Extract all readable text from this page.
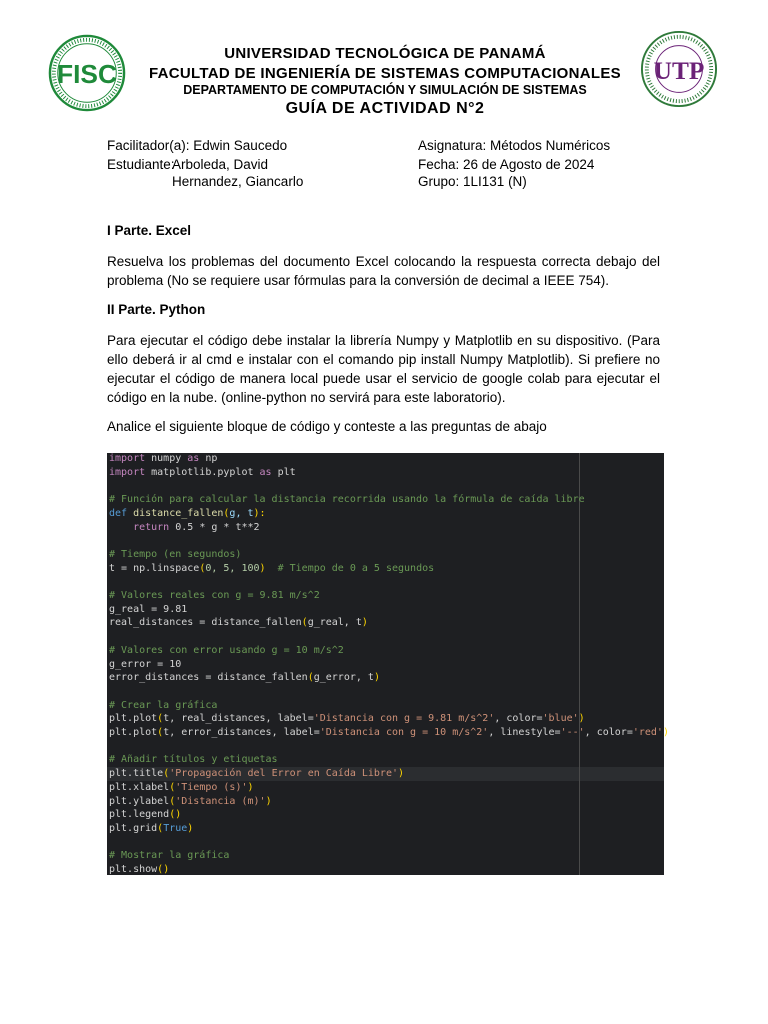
FISC	UTP
UNIVERSIDAD TECNOLÓGICA DE PANAMÁ
FACULTAD DE INGENIERÍA DE SISTEMAS COMPUTACIONALES
DEPARTAMENTO DE COMPUTACIÓN Y SIMULACIÓN DE SISTEMAS
GUÍA DE ACTIVIDAD N°2
Facilitador(a): Edwin Saucedo
Estudiante:
Arboleda, David
Hernandez, Giancarlo
Asignatura: Métodos Numéricos
Fecha: 26 de Agosto de 2024
Grupo: 1LI131 (N)
I Parte. Excel
Resuelva los problemas del documento Excel colocando la respuesta correcta debajo del problema (No se requiere usar fórmulas para la conversión de decimal a IEEE 754).
II Parte. Python
Para ejecutar el código debe instalar la librería Numpy y Matplotlib en su dispositivo. (Para ello deberá ir al cmd e instalar con el comando pip install Numpy Matplotlib). Si prefiere no ejecutar el código de manera local puede usar el servicio de google colab para ejecutar el código en la nube. (online-python no servirá para este laboratorio).
Analice el siguiente bloque de código y conteste a las preguntas de abajo
import numpy as np
import matplotlib.pyplot as plt

# Función para calcular la distancia recorrida usando la fórmula de caída libre
def distance_fallen(g, t):
return 0.5 * g * t**2

# Tiempo (en segundos)
t = np.linspace(0, 5, 100)  # Tiempo de 0 a 5 segundos

# Valores reales con g = 9.81 m/s^2
g_real = 9.81
real_distances = distance_fallen(g_real, t)

# Valores con error usando g = 10 m/s^2
g_error = 10
error_distances = distance_fallen(g_error, t)

# Crear la gráfica
plt.plot(t, real_distances, label='Distancia con g = 9.81 m/s^2', color='blue')
plt.plot(t, error_distances, label='Distancia con g = 10 m/s^2', linestyle='--', color='red')

# Añadir títulos y etiquetas
plt.title('Propagación del Error en Caída Libre')
plt.xlabel('Tiempo (s)')
plt.ylabel('Distancia (m)')
plt.legend()
plt.grid(True)

# Mostrar la gráfica
plt.show()
